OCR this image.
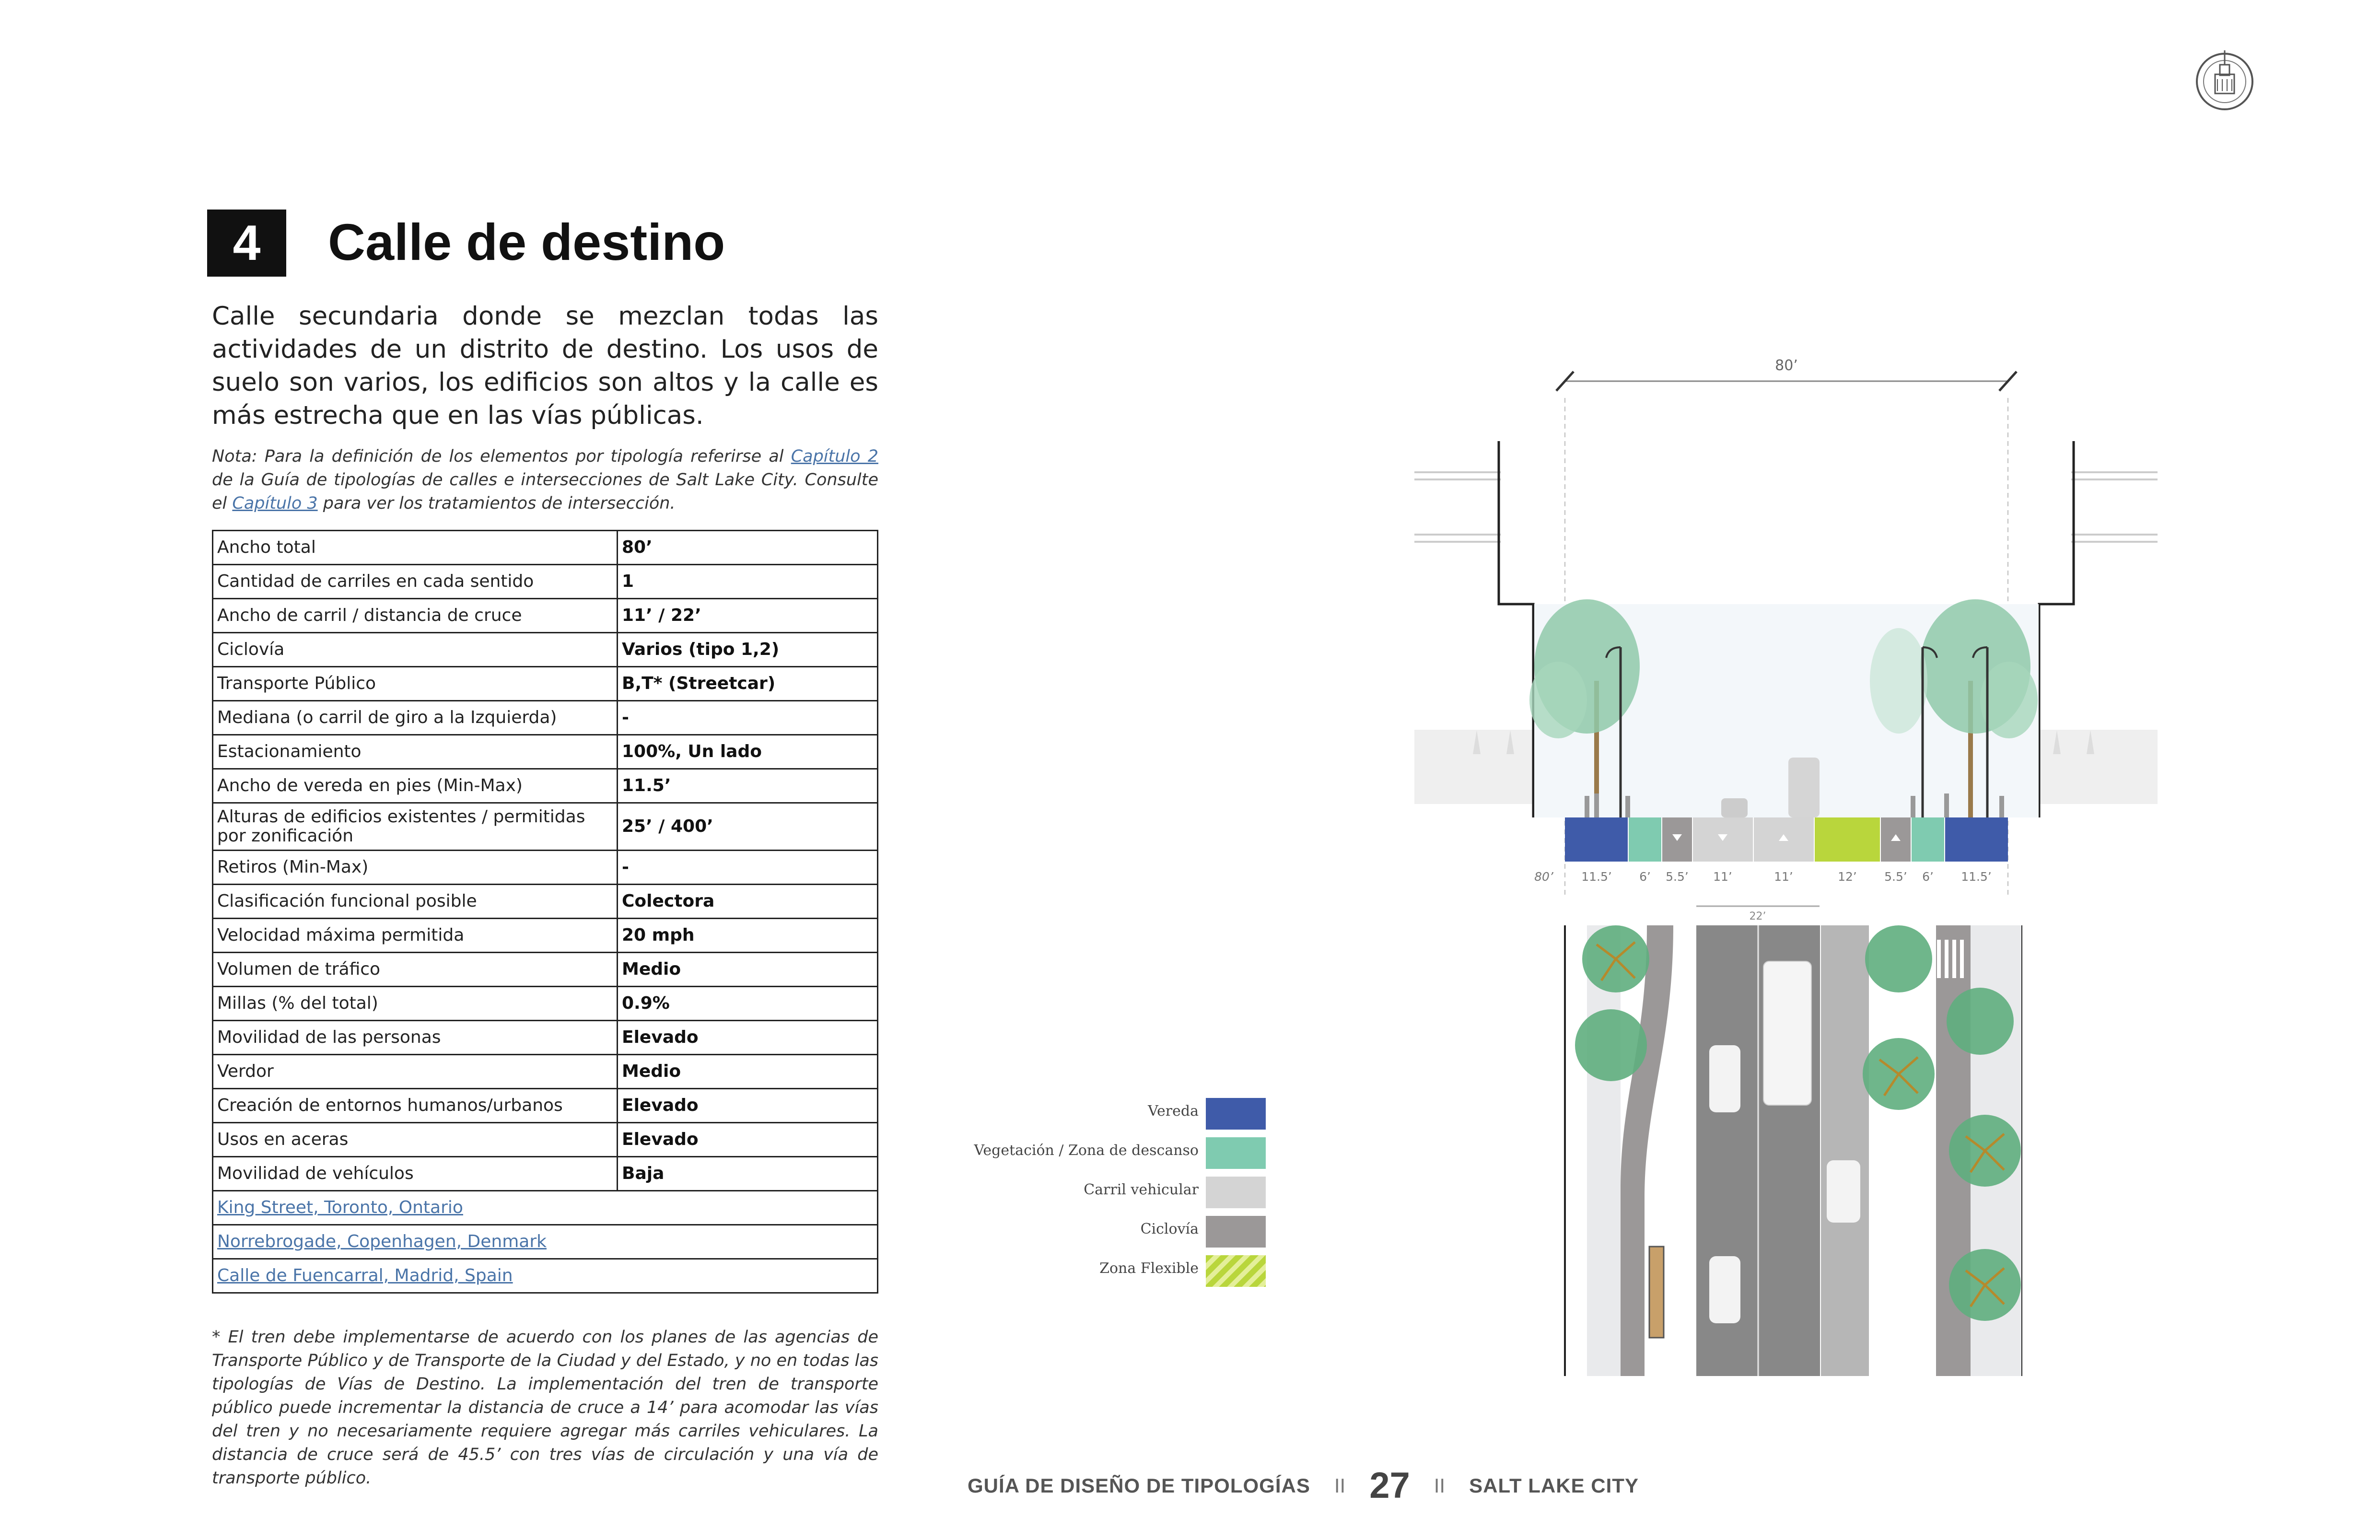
4	Calle de destino
Calle secundaria donde se mezclan todas las actividades de un distrito de destino. Los usos de suelo son varios, los edificios son altos y la calle es más estrecha que en las vías públicas.
Nota: Para la definición de los elementos por tipología referirse al Capítulo 2 de la Guía de tipologías de calles e intersecciones de Salt Lake City. Consulte el Capítulo 3 para ver los tratamientos de intersección.
Ancho total	80’
Cantidad de carriles en cada sentido	1
Ancho de carril / distancia de cruce	11’ / 22’
Ciclovía	Varios (tipo 1,2)
Transporte Público	B,T* (Streetcar)
Mediana (o carril de giro a la Izquierda)	-
Estacionamiento	100%, Un lado
Ancho de vereda en pies (Min-Max)	11.5’
Alturas de edificios existentes / permitidas por zonificación	25’ / 400’
Retiros (Min-Max)	-
Clasificación funcional posible	Colectora
Velocidad máxima permitida	20 mph
Volumen de tráfico	Medio
Millas (% del total)	0.9%
Movilidad de las personas	Elevado
Verdor	Medio
Creación de entornos humanos/urbanos	Elevado
Usos en aceras	Elevado
Movilidad de vehículos	Baja
King Street, Toronto, Ontario	
Norrebrogade, Copenhagen, Denmark	
Calle de Fuencarral, Madrid, Spain	
* El tren debe implementarse de acuerdo con los planes de las agencias de Transporte Público y de Transporte de la Ciudad y del Estado, y no en todas las tipologías de Vías de Destino. La implementación del tren de transporte público puede incrementar la distancia de cruce a 14’ para acomodar las vías del tren y no necesariamente requiere agregar más carriles vehiculares. La distancia de cruce será de 45.5’ con tres vías de circulación y una vía de transporte público.	GUÍA DE DISEÑO DE TIPOLOGÍAS II 27 II SALT LAKE CITY
Vereda
Vegetación / Zona de descanso
Carril vehicular
Ciclovía
Zona Flexible
80’
80’ 11.5’ 6’ 5.5’ 11’	11’	12’ 5.5’ 6’ 11.5’
22’
